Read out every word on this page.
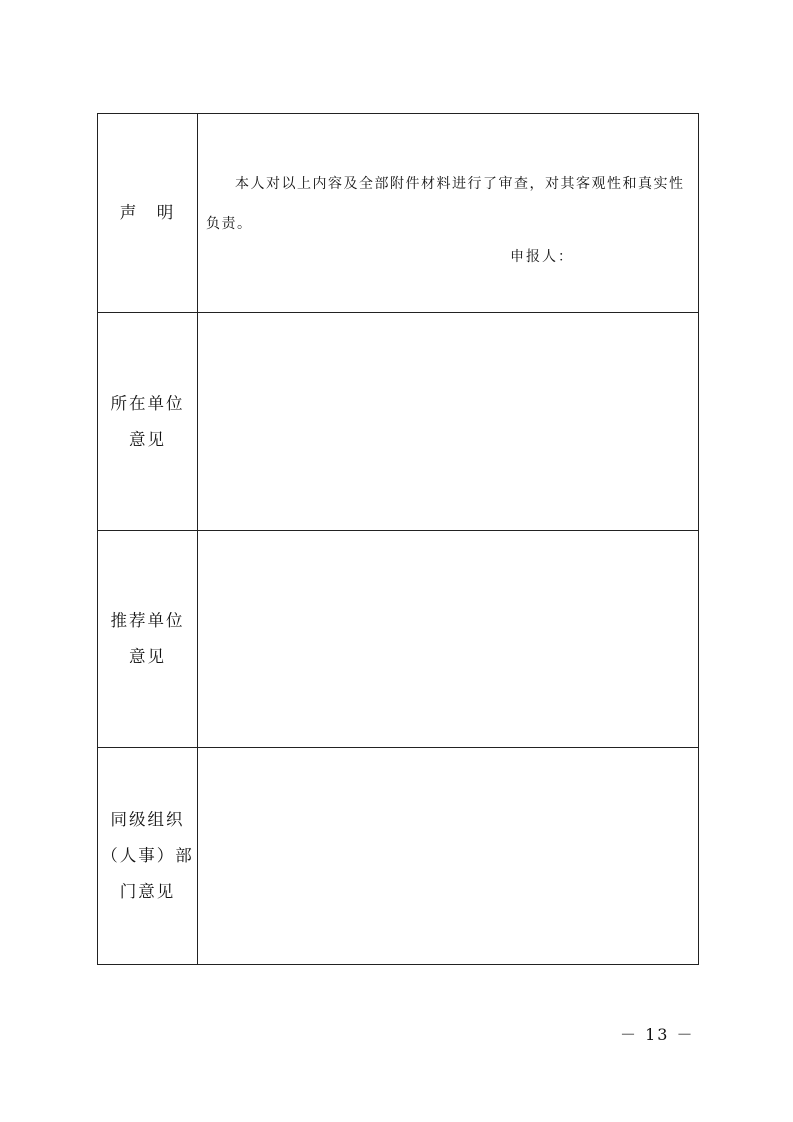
声　明
本人对以上内容及全部附件材料进行了审查，对其客观性和真实性负责。
申报人：
所在单位
意见
推荐单位
意见
同级组织
（人事）部
门意见
－ 13 －
